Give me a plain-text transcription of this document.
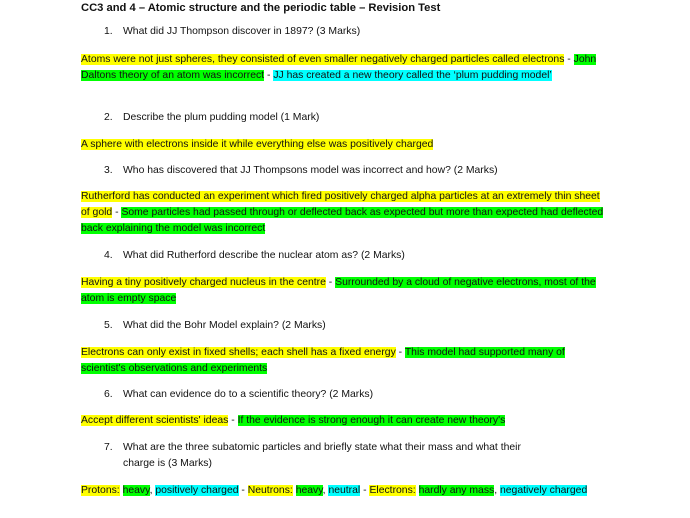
CC3 and 4 – Atomic structure and the periodic table – Revision Test
1. What did JJ Thompson discover in 1897? (3 Marks)
Atoms were not just spheres, they consisted of even smaller negatively charged particles called electrons - John Daltons theory of an atom was incorrect - JJ has created a new theory called the ‘plum pudding model’
2. Describe the plum pudding model (1 Mark)
A sphere with electrons inside it while everything else was positively charged
3. Who has discovered that JJ Thompsons model was incorrect and how? (2 Marks)
Rutherford has conducted an experiment which fired positively charged alpha particles at an extremely thin sheet of gold - Some particles had passed through or deflected back as expected but more than expected had deflected back explaining the model was incorrect
4. What did Rutherford describe the nuclear atom as? (2 Marks)
Having a tiny positively charged nucleus in the centre - Surrounded by a cloud of negative electrons, most of the atom is empty space
5. What did the Bohr Model explain? (2 Marks)
Electrons can only exist in fixed shells; each shell has a fixed energy - This model had supported many of scientist's observations and experiments
6. What can evidence do to a scientific theory? (2 Marks)
Accept different scientists' ideas - If the evidence is strong enough it can create new theory's
7. What are the three subatomic particles and briefly state what their mass and what their
charge is (3 Marks)
Protons: heavy, positively charged - Neutrons: heavy, neutral - Electrons: hardly any mass, negatively charged
